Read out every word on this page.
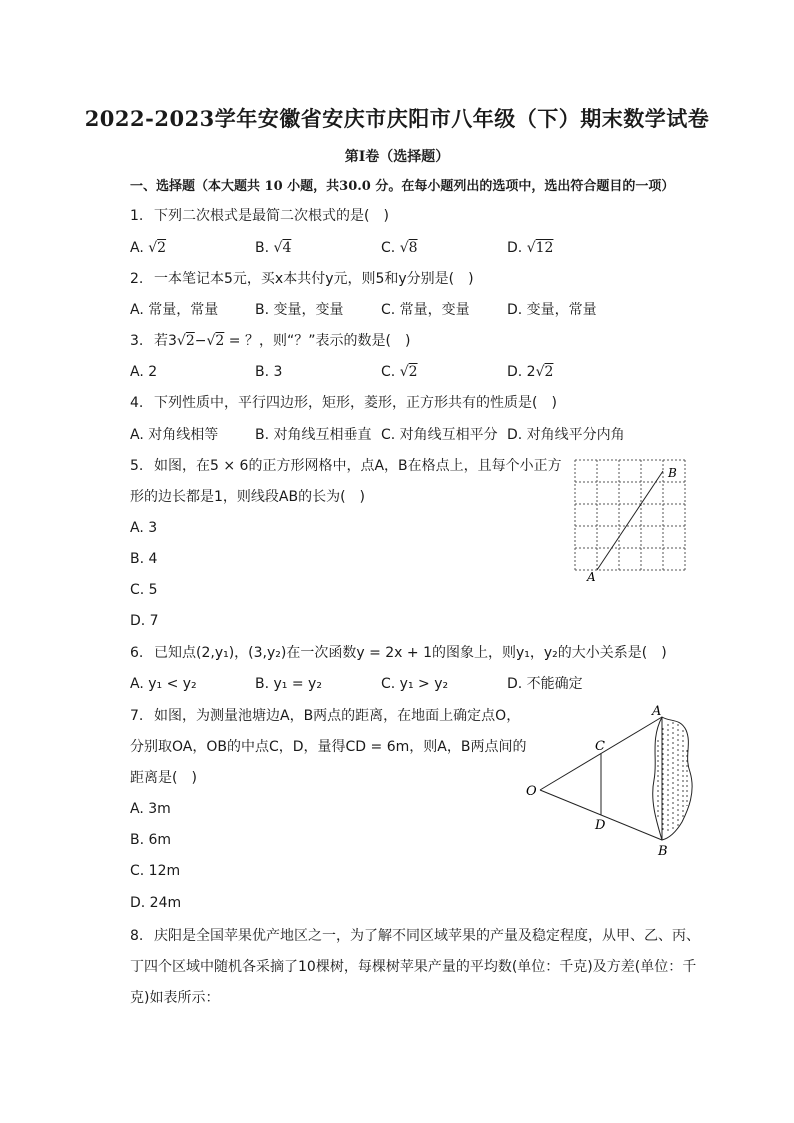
2022-2023学年安徽省安庆市庆阳市八年级（下）期末数学试卷
第Ⅰ卷（选择题）
一、选择题（本大题共 10 小题，共30.0 分。在每小题列出的选项中，选出符合题目的一项）
1. 下列二次根式是最简二次根式的是(　)
A. √2	B. √4	C. √8	D. √12
2. 一本笔记本5元，买x本共付y元，则5和y分别是(　)
A. 常量，常量	B. 变量，变量	C. 常量，变量	D. 变量，常量
3. 若3√2−√2 = ？，则“？”表示的数是(　)
A. 2	B. 3	C. √2	D. 2√2
4. 下列性质中，平行四边形，矩形，菱形，正方形共有的性质是(　)
A. 对角线相等	B. 对角线互相垂直 C. 对角线互相平分 D. 对角线平分内角
5. 如图，在5 × 6的正方形网格中，点A，B在格点上，且每个小正方
形的边长都是1，则线段AB的长为(　)
A. 3
B. 4
C. 5
D. 7
A
B
6. 已知点(2,y₁)，(3,y₂)在一次函数y = 2x + 1的图象上，则y₁，y₂的大小关系是(　)
A. y₁ < y₂	B. y₁ = y₂	C. y₁ > y₂	D. 不能确定
7. 如图，为测量池塘边A，B两点的距离，在地面上确定点O，
分别取OA，OB的中点C，D，量得CD = 6m，则A，B两点间的
距离是(　)
A. 3m
B. 6m
C. 12m
D. 24m
A
B
C
D
O
8. 庆阳是全国苹果优产地区之一，为了解不同区域苹果的产量及稳定程度，从甲、乙、丙、
丁四个区域中随机各采摘了10棵树，每棵树苹果产量的平均数(单位：千克)及方差(单位：千
克)如表所示：
